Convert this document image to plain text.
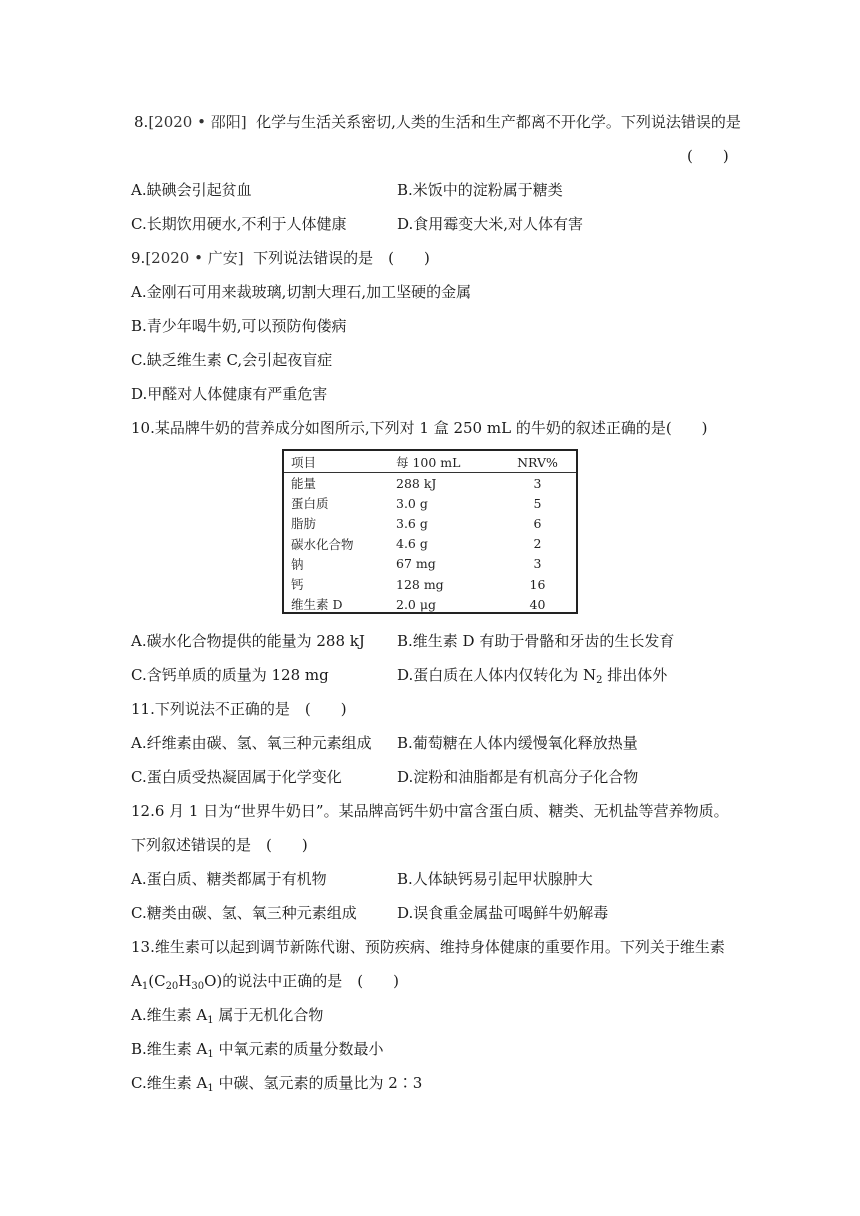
8.[2020 • 邵阳] 化学与生活关系密切,人类的生活和生产都离不开化学。下列说法错误的是
(　　)
A.缺碘会引起贫血	B.米饭中的淀粉属于糖类
C.长期饮用硬水,不利于人体健康	D.食用霉变大米,对人体有害
9.[2020 • 广安] 下列说法错误的是　(　　)
A.金刚石可用来裁玻璃,切割大理石,加工坚硬的金属
B.青少年喝牛奶,可以预防佝偻病
C.缺乏维生素 C,会引起夜盲症
D.甲醛对人体健康有严重危害
10.某品牌牛奶的营养成分如图所示,下列对 1 盒 250 mL 的牛奶的叙述正确的是(　　)
项目	每 100 mL	NRV%
能量	288 kJ	3
蛋白质	3.0 g	5
脂肪	3.6 g	6
碳水化合物	4.6 g	2
钠	67 mg	3
钙	128 mg	16
维生素 D	2.0 μg	40
A.碳水化合物提供的能量为 288 kJ B.维生素 D 有助于骨骼和牙齿的生长发育
C.含钙单质的质量为 128 mg	D.蛋白质在人体内仅转化为 $N_2$ 排出体外
11.下列说法不正确的是　(　　)
A.纤维素由碳、氢、氧三种元素组成 B.葡萄糖在人体内缓慢氧化释放热量
C.蛋白质受热凝固属于化学变化	D.淀粉和油脂都是有机高分子化合物
12.6 月 1 日为“世界牛奶日”。某品牌高钙牛奶中富含蛋白质、糖类、无机盐等营养物质。
下列叙述错误的是　(　　)
A.蛋白质、糖类都属于有机物	B.人体缺钙易引起甲状腺肿大
C.糖类由碳、氢、氧三种元素组成	D.误食重金属盐可喝鲜牛奶解毒
13.维生素可以起到调节新陈代谢、预防疾病、维持身体健康的重要作用。下列关于维生素
$A_1(C_{20}H_{30}O)$的说法中正确的是　(　　)
A.维生素 $A_1$ 属于无机化合物
B.维生素 $A_1$ 中氧元素的质量分数最小
C.维生素 $A_1$ 中碳、氢元素的质量比为 2∶3
